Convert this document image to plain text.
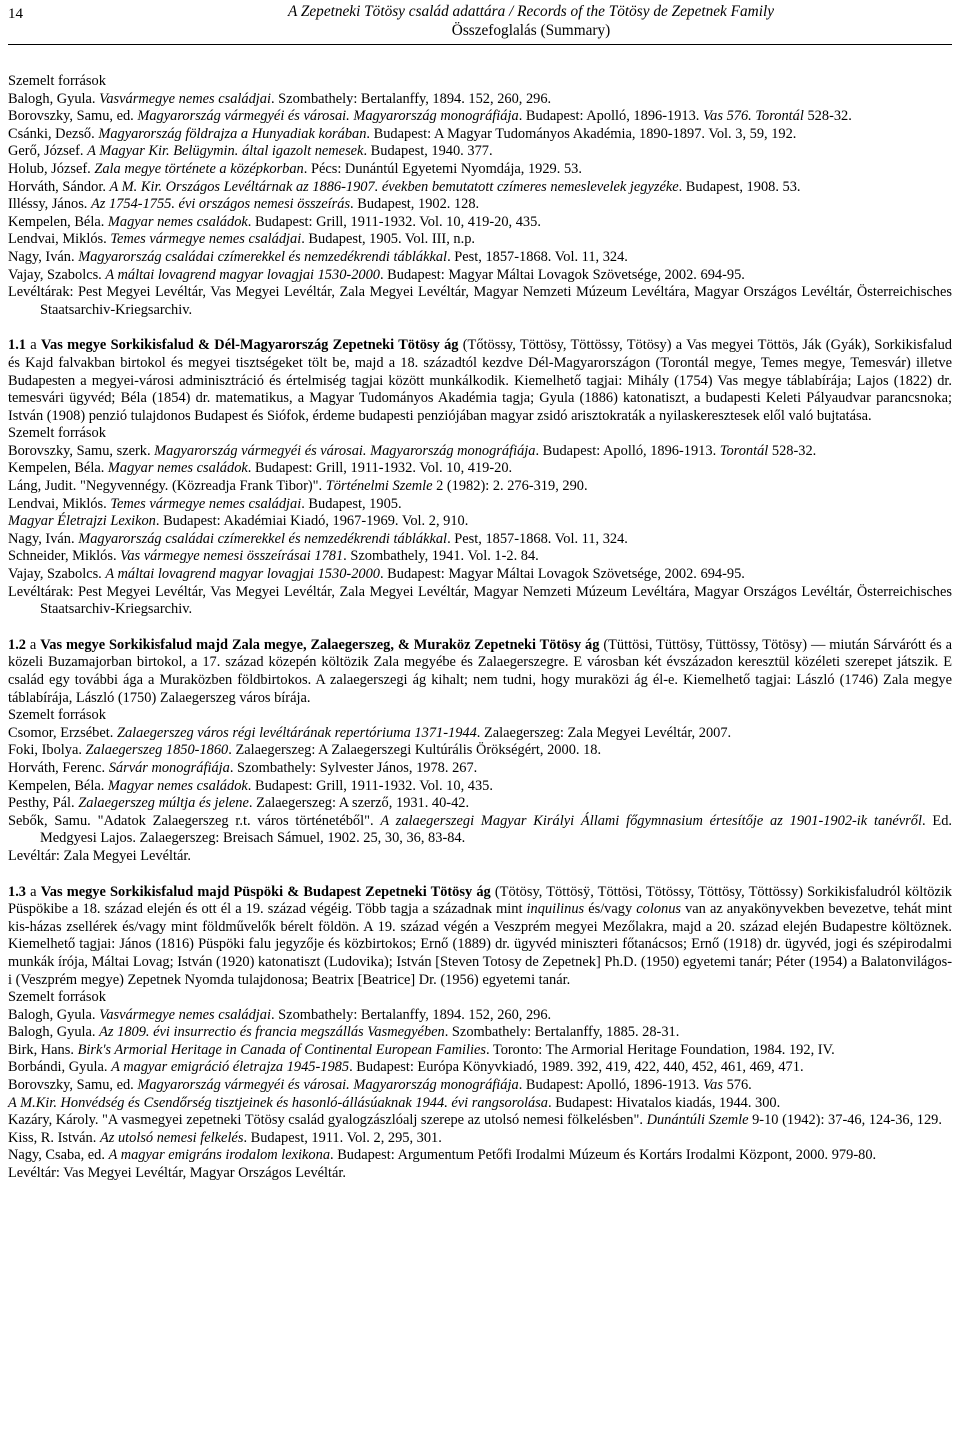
14	A Zepetneki Tötösy család adattára / Records of the Tötösy de Zepetnek Family
Összefoglalás (Summary)

Szemelt források

Balogh, Gyula. Vasvármegye nemes családjai. Szombathely: Bertalanffy, 1894. 152, 260, 296.

Borovszky, Samu, ed. Magyarország vármegyéi és városai. Magyarország monográfiája. Budapest: Apolló, 1896-1913. Vas 576. Torontál 528-32.

Csánki, Dezső. Magyarország földrajza a Hunyadiak korában. Budapest: A Magyar Tudományos Akadémia, 1890-1897. Vol. 3, 59, 192.

Gerő, József. A Magyar Kir. Belügymin. által igazolt nemesek. Budapest, 1940. 377.

Holub, József. Zala megye története a középkorban. Pécs: Dunántúl Egyetemi Nyomdája, 1929. 53.

Horváth, Sándor. A M. Kir. Országos Levéltárnak az 1886-1907. években bemutatott czímeres nemeslevelek jegyzéke. Budapest, 1908. 53.

Illéssy, János. Az 1754-1755. évi országos nemesi összeírás. Budapest, 1902. 128.

Kempelen, Béla. Magyar nemes családok. Budapest: Grill, 1911-1932. Vol. 10, 419-20, 435.

Lendvai, Miklós. Temes vármegye nemes családjai. Budapest, 1905. Vol. III, n.p.

Nagy, Iván. Magyarország családai czímerekkel és nemzedékrendi táblákkal. Pest, 1857-1868. Vol. 11, 324.

Vajay, Szabolcs. A máltai lovagrend magyar lovagjai 1530-2000. Budapest: Magyar Máltai Lovagok Szövetsége, 2002. 694-95.

Levéltárak: Pest Megyei Levéltár, Vas Megyei Levéltár, Zala Megyei Levéltár, Magyar Nemzeti Múzeum Levéltára, Magyar Országos Levéltár, Österreichisches Staatsarchiv-Kriegsarchiv.

1.1 a Vas megye Sorkikisfalud & Dél-Magyarország Zepetneki Tötösy ág (Tőtössy, Töttösy, Töttössy, Tötösy) a Vas megyei Töttös, Ják (Gyák), Sorkikisfalud és Kajd falvakban birtokol és megyei tisztségeket tölt be, majd a 18. századtól kezdve Dél-Magyarországon (Torontál megye, Temes megye, Temesvár) illetve Budapesten a megyei-városi adminisztráció és értelmiség tagjai között munkálkodik. Kiemelhető tagjai: Mihály (1754) Vas megye táblabírája; Lajos (1822) dr. temesvári ügyvéd; Béla (1854) dr. matematikus, a Magyar Tudományos Akadémia tagja; Gyula (1886) katonatiszt, a budapesti Keleti Pályaudvar parancsnoka; István (1908) penzió tulajdonos Budapest és Siófok, érdeme budapesti penziójában magyar zsidó arisztokraták a nyilaskeresztesek elől való bujtatása.

Szemelt források

Borovszky, Samu, szerk. Magyarország vármegyéi és városai. Magyarország monográfiája. Budapest: Apolló, 1896-1913. Torontál 528-32.

Kempelen, Béla. Magyar nemes családok. Budapest: Grill, 1911-1932. Vol. 10, 419-20.

Láng, Judit. "Negyvennégy. (Közreadja Frank Tibor)". Történelmi Szemle 2 (1982): 2. 276-319, 290.

Lendvai, Miklós. Temes vármegye nemes családjai. Budapest, 1905.

Magyar Életrajzi Lexikon. Budapest: Akadémiai Kiadó, 1967-1969. Vol. 2, 910.

Nagy, Iván. Magyarország családai czímerekkel és nemzedékrendi táblákkal. Pest, 1857-1868. Vol. 11, 324.

Schneider, Miklós. Vas vármegye nemesi összeírásai 1781. Szombathely, 1941. Vol. 1-2. 84.

Vajay, Szabolcs. A máltai lovagrend magyar lovagjai 1530-2000. Budapest: Magyar Máltai Lovagok Szövetsége, 2002. 694-95.

Levéltárak: Pest Megyei Levéltár, Vas Megyei Levéltár, Zala Megyei Levéltár, Magyar Nemzeti Múzeum Levéltára, Magyar Országos Levéltár, Österreichisches Staatsarchiv-Kriegsarchiv.

1.2 a Vas megye Sorkikisfalud majd Zala megye, Zalaegerszeg, & Muraköz Zepetneki Tötösy ág (Tüttösi, Tüttösy, Tüttössy, Tötösy) — miután Sárvárótt és a közeli Buzamajorban birtokol, a 17. század közepén költözik Zala megyébe és Zalaegerszegre. E városban két évszázadon keresztül közéleti szerepet játszik. E család egy további ága a Muraközben földbirtokos. A zalaegerszegi ág kihalt; nem tudni, hogy muraközi ág él-e. Kiemelhető tagjai: László (1746) Zala megye táblabírája, László (1750) Zalaegerszeg város bírája.

Szemelt források

Csomor, Erzsébet. Zalaegerszeg város régi levéltárának repertóriuma 1371-1944. Zalaegerszeg: Zala Megyei Levéltár, 2007.

Foki, Ibolya. Zalaegerszeg 1850-1860. Zalaegerszeg: A Zalaegerszegi Kultúrális Örökségért, 2000. 18.

Horváth, Ferenc. Sárvár monográfiája. Szombathely: Sylvester János, 1978. 267.

Kempelen, Béla. Magyar nemes családok. Budapest: Grill, 1911-1932. Vol. 10, 435.

Pesthy, Pál. Zalaegerszeg múltja és jelene. Zalaegerszeg: A szerző, 1931. 40-42.

Sebők, Samu. "Adatok Zalaegerszeg r.t. város történetéből". A zalaegerszegi Magyar Királyi Állami főgymnasium értesítője az 1901-1902-ik tanévről. Ed. Medgyesi Lajos. Zalaegerszeg: Breisach Sámuel, 1902. 25, 30, 36, 83-84.

Levéltár: Zala Megyei Levéltár.

1.3 a Vas megye Sorkikisfalud majd Püspöki & Budapest Zepetneki Tötösy ág (Tötösy, Töttösÿ, Töttösi, Tötössy, Töttösy, Töttössy) Sorkikisfaludról költözik Püspökibe a 18. század elején és ott él a 19. század végéig. Több tagja a századnak mint inquilinus és/vagy colonus van az anyakönyvekben bevezetve, tehát mint kis-házas zsellérek és/vagy mint földművelők bérelt földön. A 19. század végén a Veszprém megyei Mezőlakra, majd a 20. század elején Budapestre költöznek. Kiemelhető tagjai: János (1816) Püspöki falu jegyzője és közbirtokos; Ernő (1889) dr. ügyvéd miniszteri főtanácsos; Ernő (1918) dr. ügyvéd, jogi és szépirodalmi munkák írója, Máltai Lovag; István (1920) katonatiszt (Ludovika); István [Steven Totosy de Zepetnek] Ph.D. (1950) egyetemi tanár; Péter (1954) a Balatonvilágos-i (Veszprém megye) Zepetnek Nyomda tulajdonosa; Beatrix [Beatrice] Dr. (1956) egyetemi tanár.

Szemelt források

Balogh, Gyula. Vasvármegye nemes családjai. Szombathely: Bertalanffy, 1894. 152, 260, 296.

Balogh, Gyula. Az 1809. évi insurrectio és francia megszállás Vasmegyében. Szombathely: Bertalanffy, 1885. 28-31.

Birk, Hans. Birk's Armorial Heritage in Canada of Continental European Families. Toronto: The Armorial Heritage Foundation, 1984. 192, IV.

Borbándi, Gyula. A magyar emigráció életrajza 1945-1985. Budapest: Európa Könyvkiadó, 1989. 392, 419, 422, 440, 452, 461, 469, 471.

Borovszky, Samu, ed. Magyarország vármegyéi és városai. Magyarország monográfiája. Budapest: Apolló, 1896-1913. Vas 576.

A M.Kir. Honvédség és Csendőrség tisztjeinek és hasonló-állásúaknak 1944. évi rangsorolása. Budapest: Hivatalos kiadás, 1944. 300.

Kazáry, Károly. "A vasmegyei zepetneki Tötösy család gyalogzászlóalj szerepe az utolsó nemesi fölkelésben". Dunántúli Szemle 9-10 (1942): 37-46, 124-36, 129.

Kiss, R. István. Az utolsó nemesi felkelés. Budapest, 1911. Vol. 2, 295, 301.

Nagy, Csaba, ed. A magyar emigráns irodalom lexikona. Budapest: Argumentum Petőfi Irodalmi Múzeum és Kortárs Irodalmi Központ, 2000. 979-80.

Levéltár: Vas Megyei Levéltár, Magyar Országos Levéltár.
